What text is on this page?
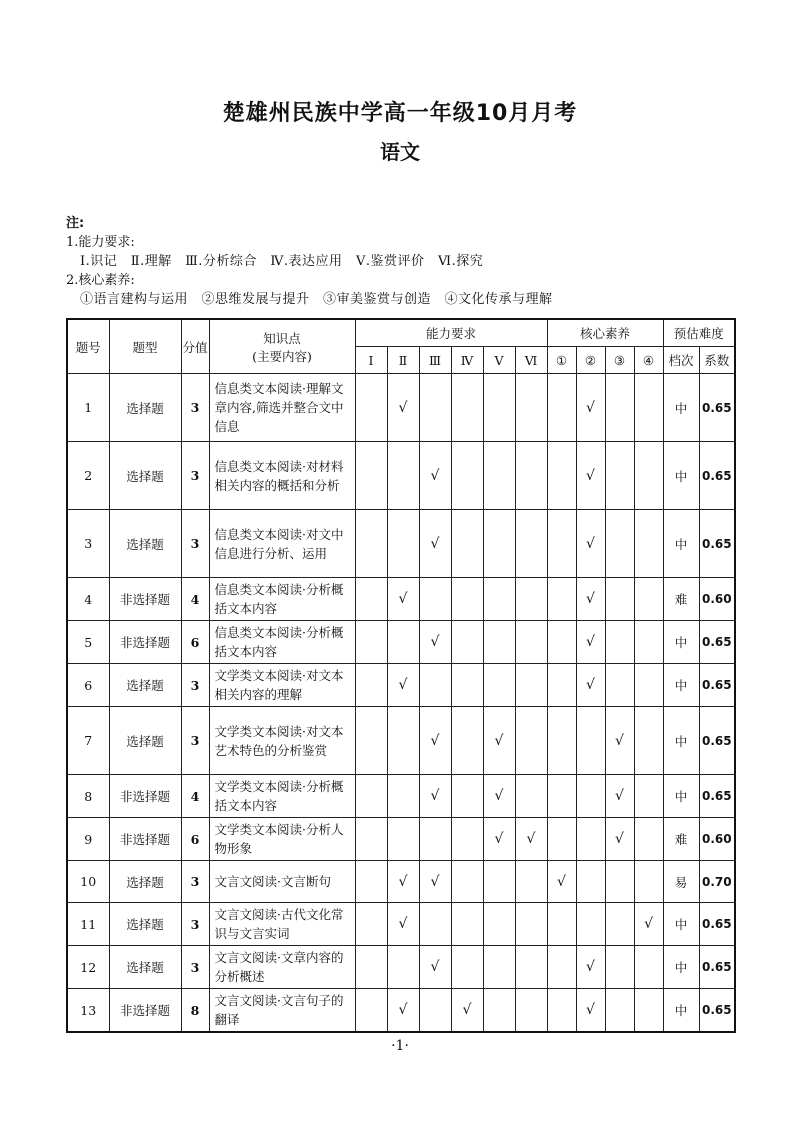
楚雄州民族中学高一年级10月月考
语文
注:
1.能力要求:
Ⅰ.识记　Ⅱ.理解　Ⅲ.分析综合　Ⅳ.表达应用　Ⅴ.鉴赏评价　Ⅵ.探究
2.核心素养:
①语言建构与运用　②思维发展与提升　③审美鉴赏与创造　④文化传承与理解
题号	题型	分值	知识点
(主要内容)	能力要求						核心素养				预估难度	
				Ⅰ	Ⅱ	Ⅲ	Ⅳ	Ⅴ	Ⅵ	①	②	③	④	档次	系数
1	选择题	3	信息类文本阅读·理解文章内容,筛选并整合文中信息		√						√			中	0.65
2	选择题	3	信息类文本阅读·对材料相关内容的概括和分析			√					√			中	0.65
3	选择题	3	信息类文本阅读·对文中信息进行分析、运用			√					√			中	0.65
4	非选择题	4	信息类文本阅读·分析概括文本内容		√						√			难	0.60
5	非选择题	6	信息类文本阅读·分析概括文本内容			√					√			中	0.65
6	选择题	3	文学类文本阅读·对文本相关内容的理解		√						√			中	0.65
7	选择题	3	文学类文本阅读·对文本艺术特色的分析鉴赏			√		√				√		中	0.65
8	非选择题	4	文学类文本阅读·分析概括文本内容			√		√				√		中	0.65
9	非选择题	6	文学类文本阅读·分析人物形象					√	√			√		难	0.60
10	选择题	3	文言文阅读·文言断句		√	√				√				易	0.70
11	选择题	3	文言文阅读·古代文化常识与文言实词		√								√	中	0.65
12	选择题	3	文言文阅读·文章内容的分析概述			√					√			中	0.65
13	非选择题	8	文言文阅读·文言句子的翻译		√		√				√			中	0.65
·1·
